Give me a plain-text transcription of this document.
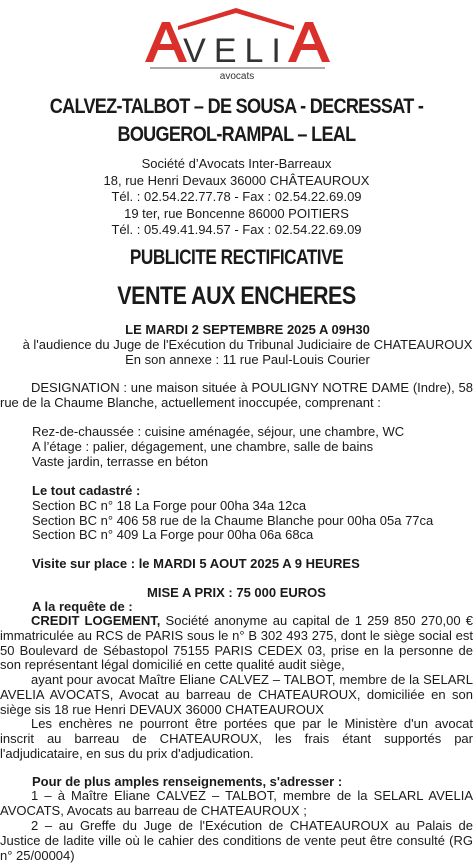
VELI
avocats
CALVEZ-TALBOT – DE SOUSA - DECRESSAT -
BOUGEROL-RAMPAL – LEAL
Société d’Avocats Inter-Barreaux
18, rue Henri Devaux 36000 CHÂTEAUROUX
Tél. : 02.54.22.77.78 - Fax : 02.54.22.69.09
19 ter, rue Boncenne 86000 POITIERS
Tél. : 05.49.41.94.57 - Fax : 02.54.22.69.09
PUBLICITE RECTIFICATIVE
VENTE AUX ENCHERES

LE MARDI 2 SEPTEMBRE 2025 A 09H30

à l'audience du Juge de l'Exécution du Tribunal Judiciaire de CHATEAUROUX

En son annexe : 11 rue Paul-Louis Courier

DESIGNATION : une maison située à POULIGNY NOTRE DAME (Indre), 58 rue de la Chaume Blanche, actuellement inoccupée, comprenant :

Rez-de-chaussée : cuisine aménagée, séjour, une chambre, WC

A l’étage : palier, dégagement, une chambre, salle de bains

Vaste jardin, terrasse en béton

Le tout cadastré :

Section BC n° 18 La Forge pour 00ha 34a 12ca

Section BC n° 406 58 rue de la Chaume Blanche pour 00ha 05a 77ca

Section BC n° 409 La Forge pour 00ha 06a 68ca

Visite sur place : le MARDI 5 AOUT 2025 A 9 HEURES
MISE A PRIX : 75 000 EUROS

A la requête de :

CREDIT LOGEMENT, Société anonyme au capital de 1 259 850 270,00 € immatriculée au RCS de PARIS sous le n° B 302 493 275, dont le siège social est 50 Boulevard de Sébastopol 75155 PARIS CEDEX 03, prise en la personne de son représentant légal domicilié en cette qualité audit siège,
ayant pour avocat Maître Eliane CALVEZ – TALBOT, membre de la SELARL AVELIA AVOCATS, Avocat au barreau de CHATEAUROUX, domiciliée en son siège sis 18 rue Henri DEVAUX 36000 CHATEAUROUX
Les enchères ne pourront être portées que par le Ministère d'un avocat inscrit au barreau de CHATEAUROUX, les frais étant supportés par l'adjudicataire, en sus du prix d'adjudication.

Pour de plus amples renseignements, s'adresser :

1 – à Maître Eliane CALVEZ – TALBOT, membre de la SELARL AVELIA AVOCATS, Avocats au barreau de CHATEAUROUX ;
2 – au Greffe du Juge de l'Exécution de CHATEAUROUX au Palais de Justice de ladite ville où le cahier des conditions de vente peut être consulté (RG n° 25/00004)
